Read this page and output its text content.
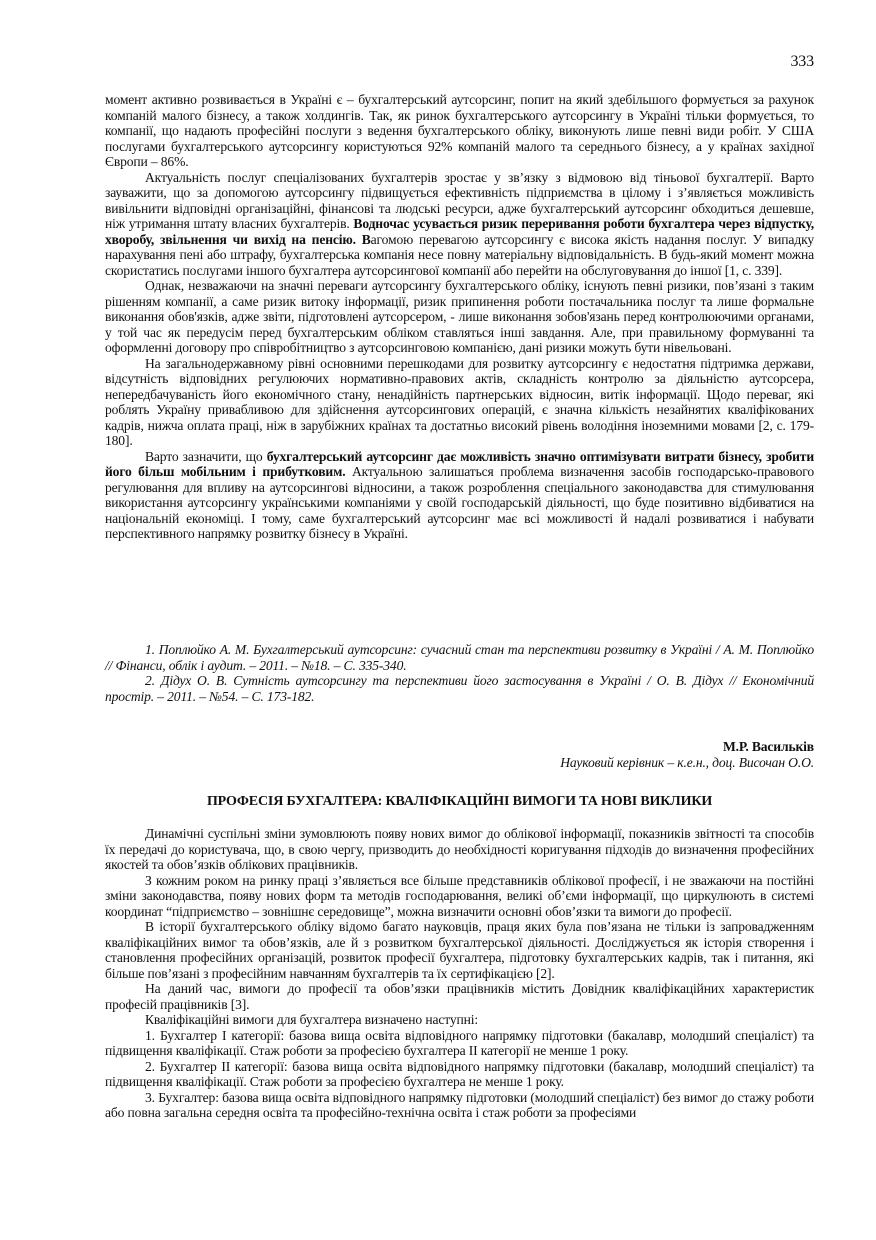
333

момент активно розвивається в Україні є – бухгалтерський аутсорсинг, попит на який здебільшого формується за рахунок компаній малого бізнесу, а також холдингів. Так, як ринок бухгалтерського аутсорсингу в Україні тільки формується, то компанії, що надають професійні послуги з ведення бухгалтерського обліку, виконують лише певні види робіт. У США послугами бухгалтерського аутсорсингу користуються 92% компаній малого та середнього бізнесу, а у країнах західної Європи – 86%.

Актуальність послуг спеціалізованих бухгалтерів зростає у зв’язку з відмовою від тіньової бухгалтерії. Варто зауважити, що за допомогою аутсорсингу підвищується ефективність підприємства в цілому і з’являється можливість вивільнити відповідні організаційні, фінансові та людські ресурси, адже бухгалтерський аутсорсинг обходиться дешевше, ніж утримання штату власних бухгалтерів. Водночас усувається ризик переривання роботи бухгалтера через відпустку, хворобу, звільнення чи вихід на пенсію. Вагомою перевагою аутсорсингу є висока якість надання послуг. У випадку нарахування пені або штрафу, бухгалтерська компанія несе повну матеріальну відповідальність. В будь-який момент можна скористатись послугами іншого бухгалтера аутсорсингової компанії або перейти на обслуговування до іншої [1, с. 339].

Однак, незважаючи на значні переваги аутсорсингу бухгалтерського обліку, існують певні ризики, пов’язані з таким рішенням компанії, а саме ризик витоку інформації, ризик припинення роботи постачальника послуг та лише формальне виконання обов'язків, адже звіти, підготовлені аутсорсером, - лише виконання зобов'язань перед контролюючими органами, у той час як передусім перед бухгалтерським обліком ставляться інші завдання. Але, при правильному формуванні та оформленні договору про співробітництво з аутсорсинговою компанією, дані ризики можуть бути нівельовані.

На загальнодержавному рівні основними перешкодами для розвитку аутсорсингу є недостатня підтримка держави, відсутність відповідних регулюючих нормативно-правових актів, складність контролю за діяльністю аутсорсера, непередбачуваність його економічного стану, ненадійність партнерських відносин, витік інформації. Щодо переваг, які роблять Україну привабливою для здійснення аутсорсингових операцій, є значна кількість незайнятих кваліфікованих кадрів, нижча оплата праці, ніж в зарубіжних країнах та достатньо високий рівень володіння іноземними мовами [2, с. 179-180].

Варто зазначити, що бухгалтерський аутсорсинг дає можливість значно оптимізувати витрати бізнесу, зробити його більш мобільним і прибутковим. Актуальною залишаться проблема визначення засобів господарсько-правового регулювання для впливу на аутсорсингові відносини, а також розроблення спеціального законодавства для стимулювання використання аутсорсингу українськими компаніями у своїй господарській діяльності, що буде позитивно відбиватися на національній економіці. І тому, саме бухгалтерський аутсорсинг має всі можливості й надалі розвиватися і набувати перспективного напрямку розвитку бізнесу в Україні.

1. Поплюйко А. М. Бухгалтерський аутсорсинг: сучасний стан та перспективи розвитку в Україні / А. М. Поплюйко // Фінанси, облік і аудит. – 2011. – №18. – С. 335-340.

2. Дідух О. В. Сутність аутсорсингу та перспективи його застосування в Україні / О. В. Дідух // Економічний простір. – 2011. – №54. – С. 173-182.

М.Р. Васильків
Науковий керівник – к.е.н., доц. Височан О.О.
ПРОФЕСІЯ БУХГАЛТЕРА: КВАЛІФІКАЦІЙНІ ВИМОГИ ТА НОВІ ВИКЛИКИ

Динамічні суспільні зміни зумовлюють появу нових вимог до облікової інформації, показників звітності та способів їх передачі до користувача, що, в свою чергу, призводить до необхідності коригування підходів до визначення професійних якостей та обов’язків облікових працівників.

З кожним роком на ринку праці з’являється все більше представників облікової професії, і не зважаючи на постійні зміни законодавства, появу нових форм та методів господарювання, великі об’єми інформації, що циркулюють в системі координат “підприємство – зовнішнє середовище”, можна визначити основні обов’язки та вимоги до професії.

В історії бухгалтерського обліку відомо багато науковців, праця яких була пов’язана не тільки із запровадженням кваліфікаційних вимог та обов’язків, але й з розвитком бухгалтерської діяльності. Досліджується як історія створення і становлення професійних організацій, розвиток професії бухгалтера, підготовку бухгалтерських кадрів, так і питання, які більше пов’язані з професійним навчанням бухгалтерів та їх сертифікацією [2].

На даний час, вимоги до професії та обов’язки працівників містить Довідник кваліфікаційних характеристик професій працівників [3].

Кваліфікаційні вимоги для бухгалтера визначено наступні:

1. Бухгалтер І категорії: базова вища освіта відповідного напрямку підготовки (бакалавр, молодший спеціаліст) та підвищення кваліфікації. Стаж роботи за професією бухгалтера ІІ категорії не менше 1 року.

2. Бухгалтер ІІ категорії: базова вища освіта відповідного напрямку підготовки (бакалавр, молодший спеціаліст) та підвищення кваліфікації. Стаж роботи за професією бухгалтера не менше 1 року.

3. Бухгалтер: базова вища освіта відповідного напрямку підготовки (молодший спеціаліст) без вимог до стажу роботи або повна загальна середня освіта та професійно-технічна освіта і стаж роботи за професіями
